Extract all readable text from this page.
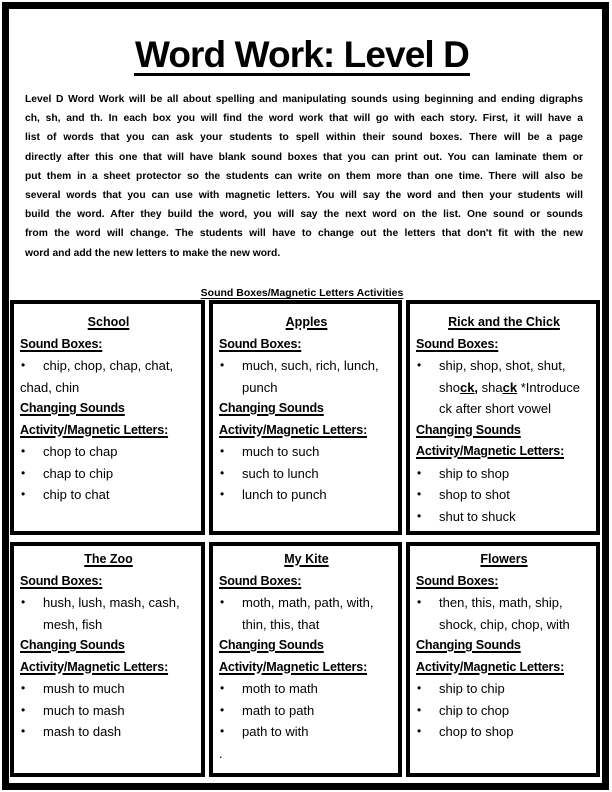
Word Work: Level D
Level D Word Work will be all about spelling and manipulating sounds using beginning and ending digraphs
ch, sh, and th. In each box you will find the word work that will go with each story. First, it will have a
list of words that you can ask your students to spell within their sound boxes. There will be a page
directly after this one that will have blank sound boxes that you can print out. You can laminate them or
put them in a sheet protector so the students can write on them more than one time. There will also be
several words that you can use with magnetic letters. You will say the word and then your students will
build the word. After they build the word, you will say the next word on the list. One sound or sounds
from the word will change. The students will have to change out the letters that don't fit with the new
word and add the new letters to make the new word.
Sound Boxes/Magnetic Letters Activities
School
Sound Boxes:
• chip, chop, chap, chat,
chad, chin
Changing Sounds
Activity/Magnetic Letters:
• chop to chap
• chap to chip
• chip to chat
Apples
Sound Boxes:
• much, such, rich, lunch,
punch
Changing Sounds
Activity/Magnetic Letters:
• much to such
• such to lunch
• lunch to punch
Rick and the Chick
Sound Boxes:
• ship, shop, shot, shut,
shock, shack *Introduce
ck after short vowel
Changing Sounds
Activity/Magnetic Letters:
• ship to shop
• shop to shot
• shut to shuck
The Zoo
Sound Boxes:
• hush, lush, mash, cash,
mesh, fish
Changing Sounds
Activity/Magnetic Letters:
• mush to much
• much to mash
• mash to dash
My Kite
Sound Boxes:
• moth, math, path, with,
thin, this, that
Changing Sounds
Activity/Magnetic Letters:
• moth to math
• math to path
• path to with
.
Flowers
Sound Boxes:
• then, this, math, ship,
shock, chip, chop, with
Changing Sounds
Activity/Magnetic Letters:
• ship to chip
• chip to chop
• chop to shop
